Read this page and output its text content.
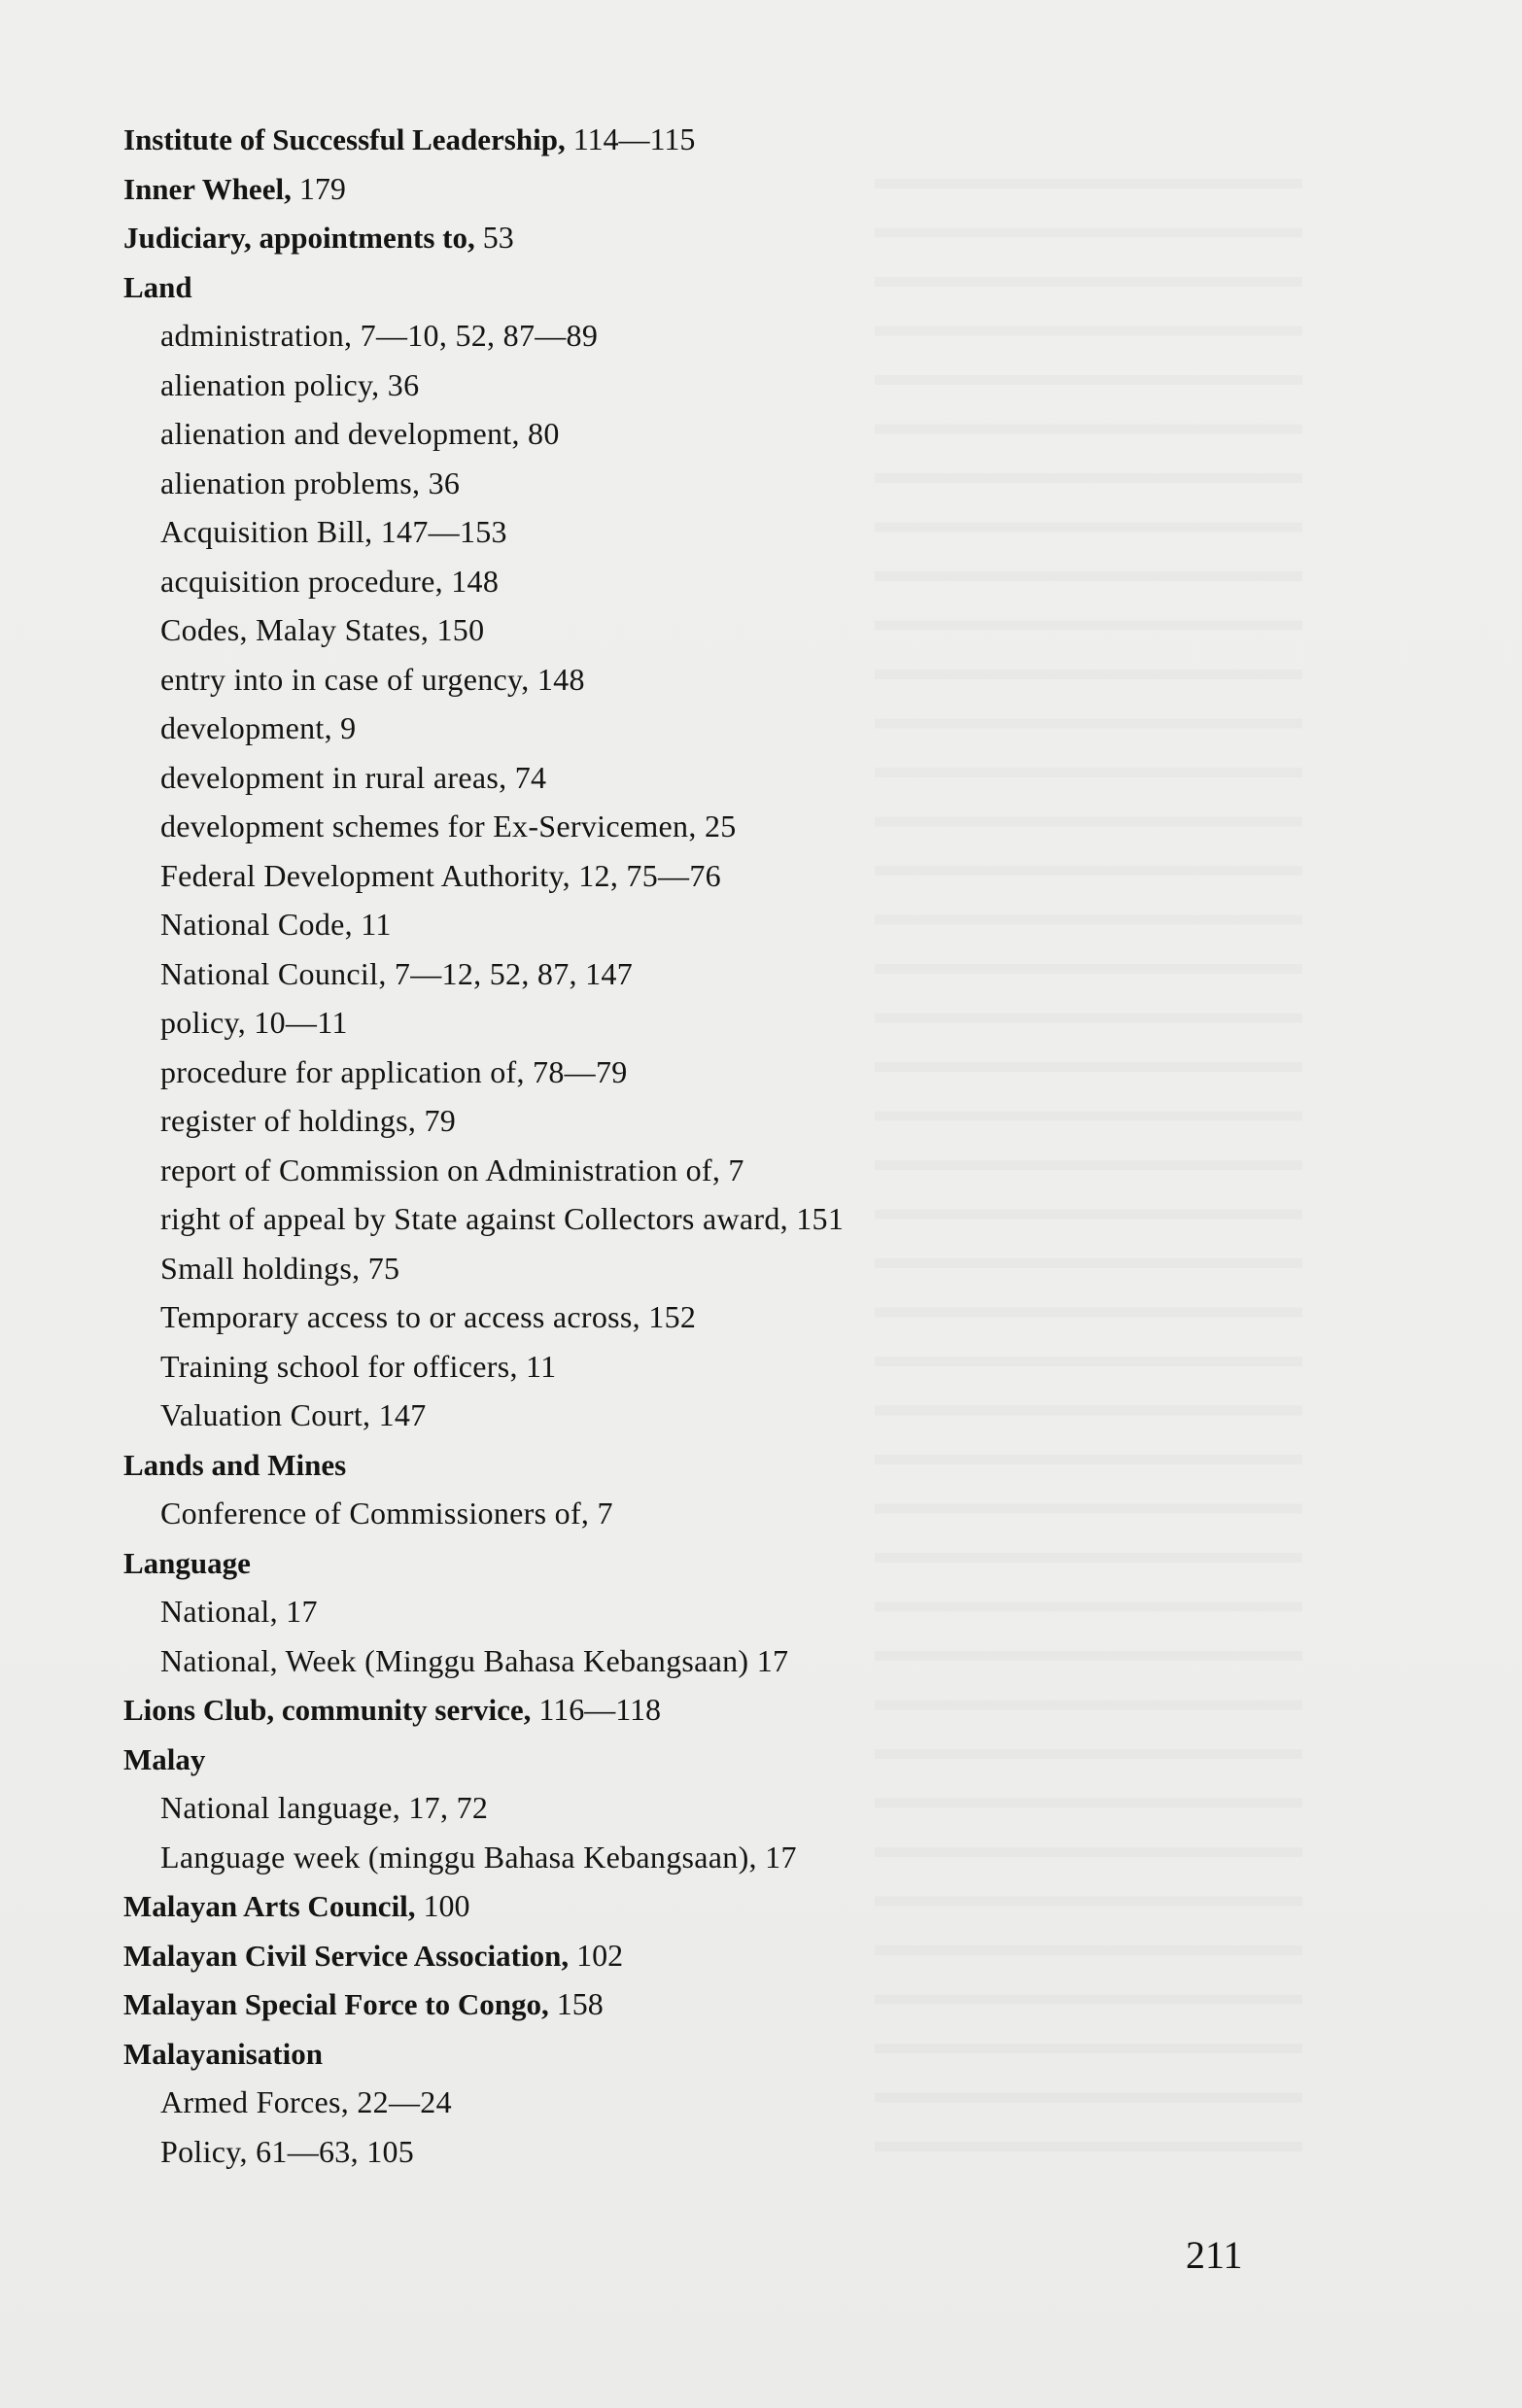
Institute of Successful Leadership, 114—115
Inner Wheel, 179
Judiciary, appointments to, 53
Land
administration, 7—10, 52, 87—89
alienation policy, 36
alienation and development, 80
alienation problems, 36
Acquisition Bill, 147—153
acquisition procedure, 148
Codes, Malay States, 150
entry into in case of urgency, 148
development, 9
development in rural areas, 74
development schemes for Ex-Servicemen, 25
Federal Development Authority, 12, 75—76
National Code, 11
National Council, 7—12, 52, 87, 147
policy, 10—11
procedure for application of, 78—79
register of holdings, 79
report of Commission on Administration of, 7
right of appeal by State against Collectors award, 151
Small holdings, 75
Temporary access to or access across, 152
Training school for officers, 11
Valuation Court, 147
Lands and Mines
Conference of Commissioners of, 7
Language
National, 17
National, Week (Minggu Bahasa Kebangsaan) 17
Lions Club, community service, 116—118
Malay
National language, 17, 72
Language week (minggu Bahasa Kebangsaan), 17
Malayan Arts Council, 100
Malayan Civil Service Association, 102
Malayan Special Force to Congo, 158
Malayanisation
Armed Forces, 22—24
Policy, 61—63, 105
211
